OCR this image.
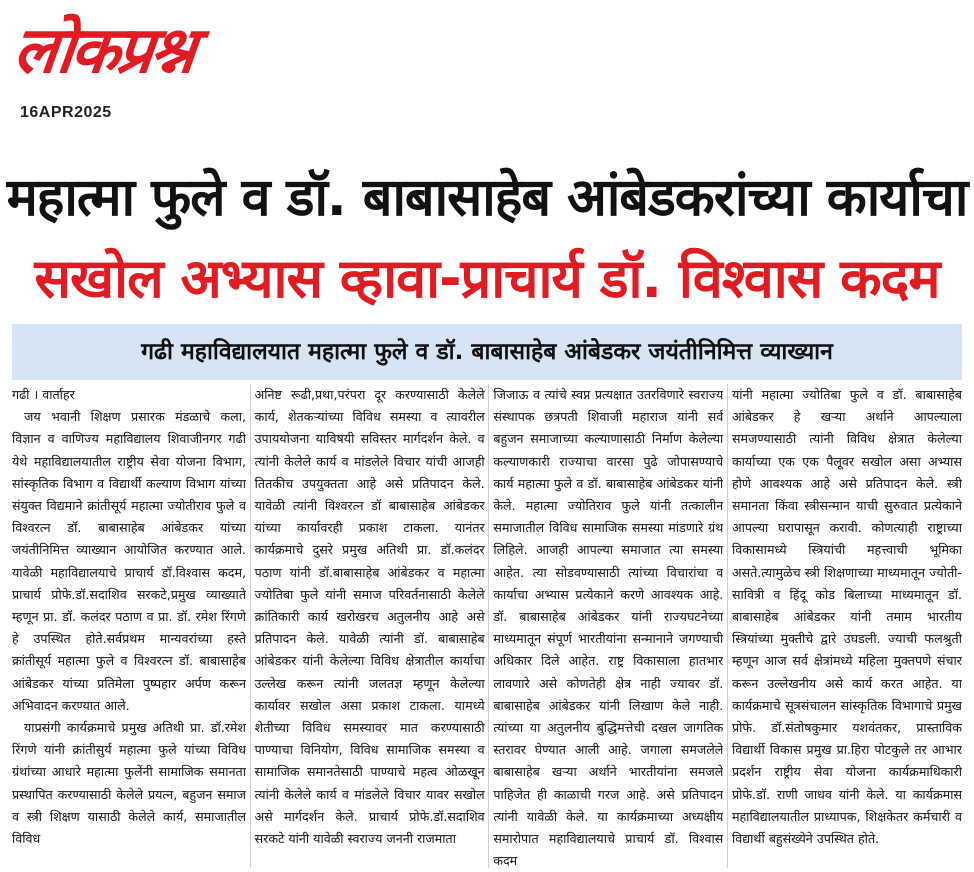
लोकप्रश्न
16APR2025
महात्मा फुले व डॉ. बाबासाहेब आंबेडकरांच्या कार्याचा
सखोल अभ्यास व्हावा-प्राचार्य डॉ. विश्वास कदम
गढी महाविद्यालयात महात्मा फुले व डॉ. बाबासाहेब आंबेडकर जयंतीनिमित्त व्याख्यान

गढी । वार्ताहर

जय भवानी शिक्षण प्रसारक मंडळाचे कला, विज्ञान व वाणिज्य महाविद्यालय शिवाजीनगर गढी येथे महाविद्यालयातील राष्ट्रीय सेवा योजना विभाग, सांस्कृतिक विभाग व विद्यार्थी कल्याण विभाग यांच्या संयुक्त विद्यमाने क्रांतीसूर्य महात्मा ज्योतीराव फुले व विश्वरत्न डॉ. बाबासाहेब आंबेडकर यांच्या जयंतीनिमित्त व्याख्यान आयोजित करण्यात आले. यावेळी महाविद्यालयाचे प्राचार्य डॉ.विश्वास कदम, प्राचार्य प्रोफे.डॉ.सदाशिव सरकटे,प्रमुख व्याख्याते म्हणून प्रा. डॉ. कलंदर पठाण व प्रा. डॉ. रमेश रिंगणे हे उपस्थित होते.सर्वप्रथम मान्यवरांच्या हस्ते क्रांतीसूर्य महात्मा फुले व विश्वरत्न डॉ. बाबासाहेब आंबेडकर यांच्या प्रतिमेला पुष्पहार अर्पण करून अभिवादन करण्यात आले.

याप्रसंगी कार्यक्रमाचे प्रमुख अतिथी प्रा. डॉ.रमेश रिंगणे यांनी क्रांतीसुर्य महात्मा फुले यांच्या विविध ग्रंथांच्या आधारे महात्मा फुलेंनी सामाजिक समानता प्रस्थापित करण्यासाठी केलेले प्रयत्न, बहुजन समाज व स्त्री शिक्षण यासाठी केलेले कार्य, समाजातील विविध

अनिष्ट रूढी,प्रथा,परंपरा दूर करण्यासाठी केलेले कार्य, शेतकऱ्यांच्या विविध समस्या व त्यावरील उपाययोजना याविषयी सविस्तर मार्गदर्शन केले. व त्यांनी केलेले कार्य व मांडलेले विचार यांची आजही तितकीच उपयुक्तता आहे असे प्रतिपादन केले. यावेळी त्यांनी विश्वरत्न डॉ बाबासाहेब आंबेडकर यांच्या कार्यावरही प्रकाश टाकला. यानंतर कार्यक्रमाचे दुसरे प्रमुख अतिथी प्रा. डॉ.कलंदर पठाण यांनी डॉ.बाबासाहेब आंबेडकर व महात्मा ज्योतिबा फुले यांनी समाज परिवर्तनासाठी केलेले क्रांतिकारी कार्य खरोखरच अतुलनीय आहे असे प्रतिपादन केले. यावेळी त्यांनी डॉ. बाबासाहेब आंबेडकर यांनी केलेल्या विविध क्षेत्रातील कार्याचा उल्लेख करून त्यांनी जलतज्ञ म्हणून केलेल्या कार्यावर सखोल असा प्रकाश टाकला. यामध्ये शेतीच्या विविध समस्यावर मात करण्यासाठी पाण्याचा विनियोग, विविध सामाजिक समस्या व सामाजिक समानतेसाठी पाण्याचे महत्व ओळखून त्यांनी केलेले कार्य व मांडलेले विचार यावर सखोल असे मार्गदर्शन केले. प्राचार्य प्रोफे.डॉ.सदाशिव सरकटे यांनी यावेळी स्वराज्य जननी राजमाता

जिजाऊ व त्यांचे स्वप्न प्रत्यक्षात उतरविणारे स्वराज्य संस्थापक छत्रपती शिवाजी महाराज यांनी सर्व बहुजन समाजाच्या कल्याणासाठी निर्माण केलेल्या कल्याणकारी राज्याचा वारसा पुढे जोपासण्याचे कार्य महात्मा फुले व डॉ. बाबासाहेब आंबेडकर यांनी केले. महात्मा ज्योतिराव फुले यांनी तत्कालीन समाजातील विविध सामाजिक समस्या मांडणारे ग्रंथ लिहिले. आजही आपल्या समाजात त्या समस्या आहेत. त्या सोडवण्यासाठी त्यांच्या विचारांचा व कार्याचा अभ्यास प्रत्येकाने करणे आवश्यक आहे. डॉ. बाबासाहेब आंबेडकर यांनी राज्यघटनेच्या माध्यमातून संपूर्ण भारतीयांना सन्मानाने जगण्याची अधिकार दिले आहेत. राष्ट्र विकासाला हातभार लावणारे असे कोणतेही क्षेत्र नाही ज्यावर डॉ. बाबासाहेब आंबेडकर यांनी लिखाण केले नाही. त्यांच्या या अतुलनीय बुद्धिमत्तेची दखल जागतिक स्तरावर घेण्यात आली आहे. जगाला समजलेले बाबासाहेब खऱ्या अर्थाने भारतीयांना समजले पाहिजेत ही काळाची गरज आहे. असे प्रतिपादन त्यांनी यावेळी केले. या कार्यक्रमाच्या अध्यक्षीय समारोपात महाविद्यालयाचे प्राचार्य डॉ. विश्वास कदम

यांनी महात्मा ज्योतिबा फुले व डॉ. बाबासाहेब आंबेडकर हे खऱ्या अर्थाने आपल्याला समजण्यासाठी त्यांनी विविध क्षेत्रात केलेल्या कार्याच्या एक एक पैलूवर सखोल असा अभ्यास होणे आवश्यक आहे असे प्रतिपादन केले. स्त्री समानता किंवा स्त्रीसन्मान याची सुरुवात प्रत्येकाने आपल्या घरापासून करावी. कोणत्याही राष्ट्राच्या विकासामध्ये स्त्रियांची महत्त्वाची भूमिका असते.त्यामुळेच स्त्री शिक्षणाच्या माध्यमातून ज्योती-सावित्री व हिंदू कोड बिलाच्या माध्यमातून डॉ. बाबासाहेब आंबेडकर यांनी तमाम भारतीय स्त्रियांच्या मुक्तीचे द्वारे उघडली. ज्याची फलश्रुती म्हणून आज सर्व क्षेत्रांमध्ये महिला मुक्तपणे संचार करून उल्लेखनीय असे कार्य करत आहेत. या कार्यक्रमाचे सूत्रसंचालन सांस्कृतिक विभागाचे प्रमुख प्रोफे. डॉ.संतोषकुमार यशवंतकर, प्रास्ताविक विद्यार्थी विकास प्रमुख प्रा.हिरा पोटकुले तर आभार प्रदर्शन राष्ट्रीय सेवा योजना कार्यक्रमाधिकारी प्रोफे.डॉ. राणी जाधव यांनी केले. या कार्यक्रमास महाविद्यालयातील प्राध्यापक, शिक्षकेतर कर्मचारी व विद्यार्थी बहुसंख्येने उपस्थित होते.
